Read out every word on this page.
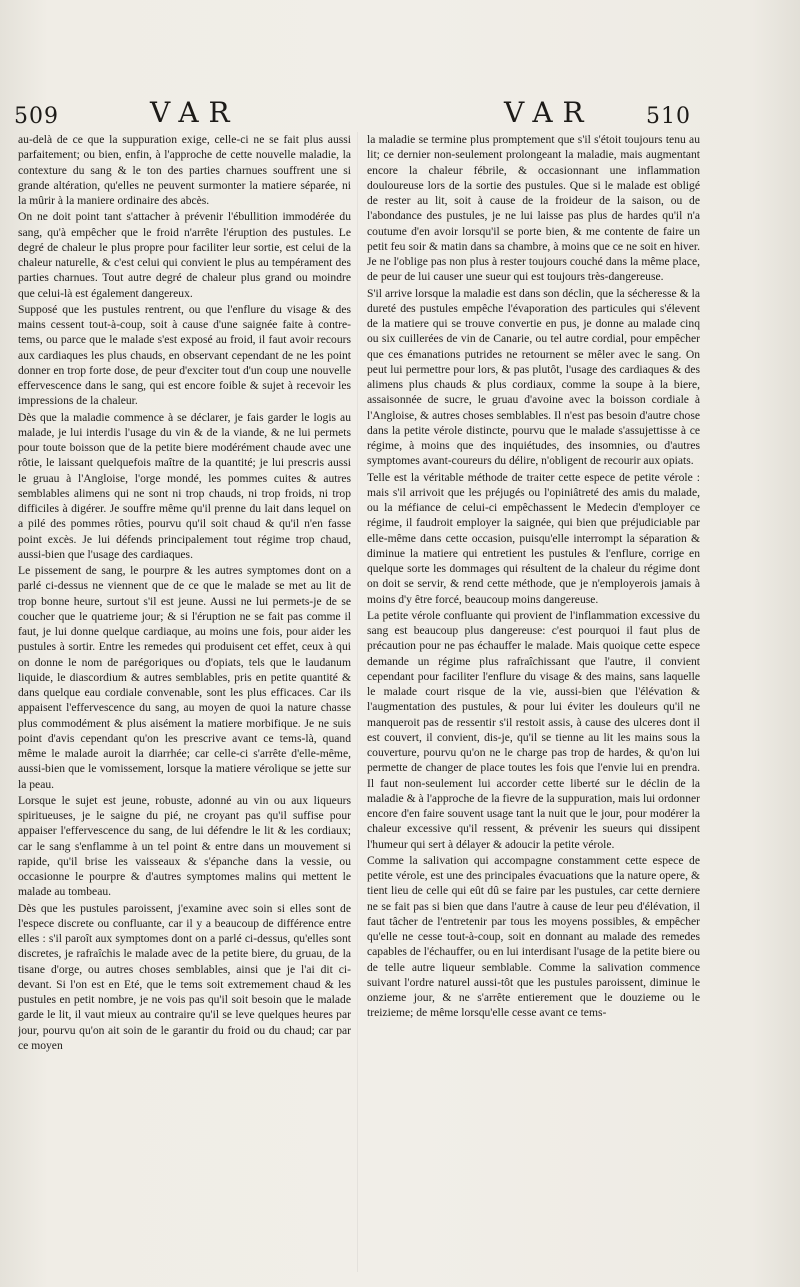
509	VAR	VAR 510

au-delà de ce que la suppuration exige, celle-ci ne se fait plus aussi parfaitement; ou bien, enfin, à l'approche de cette nouvelle maladie, la contexture du sang & le ton des parties charnues souffrent une si grande altération, qu'elles ne peuvent surmonter la matiere séparée, ni la mûrir à la maniere ordinaire des abcès.

On ne doit point tant s'attacher à prévenir l'ébullition immodérée du sang, qu'à empêcher que le froid n'arrête l'éruption des pustules. Le degré de chaleur le plus propre pour faciliter leur sortie, est celui de la chaleur naturelle, & c'est celui qui convient le plus au tempérament des parties charnues. Tout autre degré de chaleur plus grand ou moindre que celui-là est également dangereux.

Supposé que les pustules rentrent, ou que l'enflure du visage & des mains cessent tout-à-coup, soit à cause d'une saignée faite à contre-tems, ou parce que le malade s'est exposé au froid, il faut avoir recours aux cardiaques les plus chauds, en observant cependant de ne les point donner en trop forte dose, de peur d'exciter tout d'un coup une nouvelle effervescence dans le sang, qui est encore foible & sujet à recevoir les impressions de la chaleur.

Dès que la maladie commence à se déclarer, je fais garder le logis au malade, je lui interdis l'usage du vin & de la viande, & ne lui permets pour toute boisson que de la petite biere modérément chaude avec une rôtie, le laissant quelquefois maître de la quantité; je lui prescris aussi le gruau à l'Angloise, l'orge mondé, les pommes cuites & autres semblables alimens qui ne sont ni trop chauds, ni trop froids, ni trop difficiles à digérer. Je souffre même qu'il prenne du lait dans lequel on a pilé des pommes rôties, pourvu qu'il soit chaud & qu'il n'en fasse point excès. Je lui défends principalement tout régime trop chaud, aussi-bien que l'usage des cardiaques.

Le pissement de sang, le pourpre & les autres symptomes dont on a parlé ci-dessus ne viennent que de ce que le malade se met au lit de trop bonne heure, surtout s'il est jeune. Aussi ne lui permets-je de se coucher que le quatrieme jour; & si l'éruption ne se fait pas comme il faut, je lui donne quelque cardiaque, au moins une fois, pour aider les pustules à sortir. Entre les remedes qui produisent cet effet, ceux à qui on donne le nom de parégoriques ou d'opiats, tels que le laudanum liquide, le diascordium & autres semblables, pris en petite quantité & dans quelque eau cordiale convenable, sont les plus efficaces. Car ils appaisent l'effervescence du sang, au moyen de quoi la nature chasse plus commodément & plus aisément la matiere morbifique. Je ne suis point d'avis cependant qu'on les prescrive avant ce tems-là, quand même le malade auroit la diarrhée; car celle-ci s'arrête d'elle-même, aussi-bien que le vomissement, lorsque la matiere vérolique se jette sur la peau.

Lorsque le sujet est jeune, robuste, adonné au vin ou aux liqueurs spiritueuses, je le saigne du pié, ne croyant pas qu'il suffise pour appaiser l'effervescence du sang, de lui défendre le lit & les cordiaux; car le sang s'enflamme à un tel point & entre dans un mouvement si rapide, qu'il brise les vaisseaux & s'épanche dans la vessie, ou occasionne le pourpre & d'autres symptomes malins qui mettent le malade au tombeau.

Dès que les pustules paroissent, j'examine avec soin si elles sont de l'espece discrete ou confluante, car il y a beaucoup de différence entre elles : s'il paroît aux symptomes dont on a parlé ci-dessus, qu'elles sont discretes, je rafraîchis le malade avec de la petite biere, du gruau, de la tisane d'orge, ou autres choses semblables, ainsi que je l'ai dit ci-devant. Si l'on est en Eté, que le tems soit extremement chaud & les pustules en petit nombre, je ne vois pas qu'il soit besoin que le malade garde le lit, il vaut mieux au contraire qu'il se leve quelques heures par jour, pourvu qu'on ait soin de le garantir du froid ou du chaud; car par ce moyen

la maladie se termine plus promptement que s'il s'étoit toujours tenu au lit; ce dernier non-seulement prolongeant la maladie, mais augmentant encore la chaleur fébrile, & occasionnant une inflammation douloureuse lors de la sortie des pustules. Que si le malade est obligé de rester au lit, soit à cause de la froideur de la saison, ou de l'abondance des pustules, je ne lui laisse pas plus de hardes qu'il n'a coutume d'en avoir lorsqu'il se porte bien, & me contente de faire un petit feu soir & matin dans sa chambre, à moins que ce ne soit en hiver. Je ne l'oblige pas non plus à rester toujours couché dans la même place, de peur de lui causer une sueur qui est toujours très-dangereuse.

S'il arrive lorsque la maladie est dans son déclin, que la sécheresse & la dureté des pustules empêche l'évaporation des particules qui s'élevent de la matiere qui se trouve convertie en pus, je donne au malade cinq ou six cuillerées de vin de Canarie, ou tel autre cordial, pour empêcher que ces émanations putrides ne retournent se mêler avec le sang. On peut lui permettre pour lors, & pas plutôt, l'usage des cardiaques & des alimens plus chauds & plus cordiaux, comme la soupe à la biere, assaisonnée de sucre, le gruau d'avoine avec la boisson cordiale à l'Angloise, & autres choses semblables. Il n'est pas besoin d'autre chose dans la petite vérole distincte, pourvu que le malade s'assujettisse à ce régime, à moins que des inquiétudes, des insomnies, ou d'autres symptomes avant-coureurs du délire, n'obligent de recourir aux opiats.

Telle est la véritable méthode de traiter cette espece de petite vérole : mais s'il arrivoit que les préjugés ou l'opiniâtreté des amis du malade, ou la méfiance de celui-ci empêchassent le Medecin d'employer ce régime, il faudroit employer la saignée, qui bien que préjudiciable par elle-même dans cette occasion, puisqu'elle interrompt la séparation & diminue la matiere qui entretient les pustules & l'enflure, corrige en quelque sorte les dommages qui résultent de la chaleur du régime dont on doit se servir, & rend cette méthode, que je n'employerois jamais à moins d'y être forcé, beaucoup moins dangereuse.

La petite vérole confluante qui provient de l'inflammation excessive du sang est beaucoup plus dangereuse: c'est pourquoi il faut plus de précaution pour ne pas échauffer le malade. Mais quoique cette espece demande un régime plus rafraîchissant que l'autre, il convient cependant pour faciliter l'enflure du visage & des mains, sans laquelle le malade court risque de la vie, aussi-bien que l'élévation & l'augmentation des pustules, & pour lui éviter les douleurs qu'il ne manqueroit pas de ressentir s'il restoit assis, à cause des ulceres dont il est couvert, il convient, dis-je, qu'il se tienne au lit les mains sous la couverture, pourvu qu'on ne le charge pas trop de hardes, & qu'on lui permette de changer de place toutes les fois que l'envie lui en prendra. Il faut non-seulement lui accorder cette liberté sur le déclin de la maladie & à l'approche de la fievre de la suppuration, mais lui ordonner encore d'en faire souvent usage tant la nuit que le jour, pour modérer la chaleur excessive qu'il ressent, & prévenir les sueurs qui dissipent l'humeur qui sert à délayer & adoucir la petite vérole.

Comme la salivation qui accompagne constamment cette espece de petite vérole, est une des principales évacuations que la nature opere, & tient lieu de celle qui eût dû se faire par les pustules, car cette derniere ne se fait pas si bien que dans l'autre à cause de leur peu d'élévation, il faut tâcher de l'entretenir par tous les moyens possibles, & empêcher qu'elle ne cesse tout-à-coup, soit en donnant au malade des remedes capables de l'échauffer, ou en lui interdisant l'usage de la petite biere ou de telle autre liqueur semblable. Comme la salivation commence suivant l'ordre naturel aussi-tôt que les pustules paroissent, diminue le onzieme jour, & ne s'arrête entierement que le douzieme ou le treizieme; de même lorsqu'elle cesse avant ce tems-
